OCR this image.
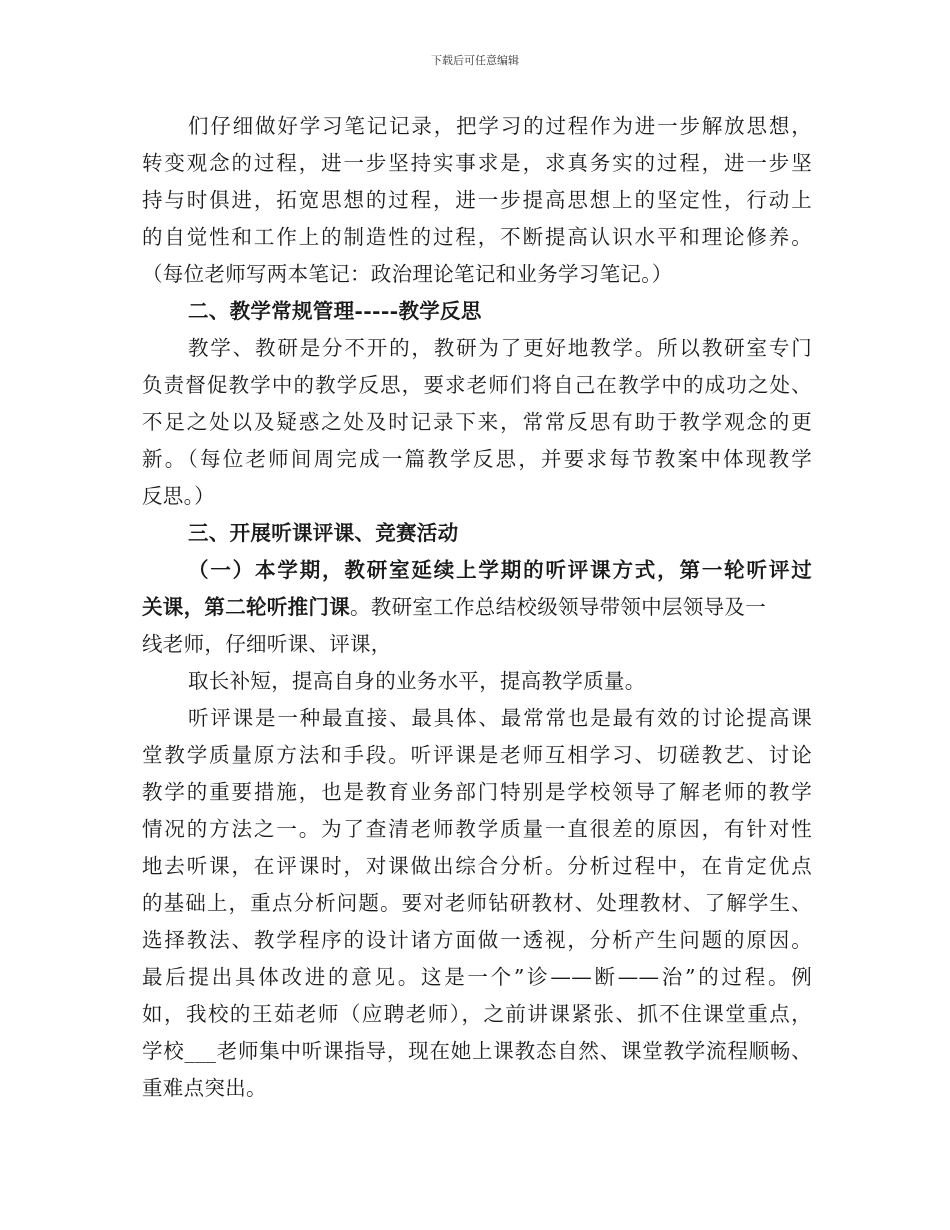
下载后可任意编辑
们仔细做好学习笔记记录，把学习的过程作为进一步解放思想，
转变观念的过程，进一步坚持实事求是，求真务实的过程，进一步坚
持与时俱进，拓宽思想的过程，进一步提高思想上的坚定性，行动上
的自觉性和工作上的制造性的过程，不断提高认识水平和理论修养。
（每位老师写两本笔记：政治理论笔记和业务学习笔记。）
二、教学常规管理-----教学反思
教学、教研是分不开的，教研为了更好地教学。所以教研室专门
负责督促教学中的教学反思，要求老师们将自己在教学中的成功之处、
不足之处以及疑惑之处及时记录下来，常常反思有助于教学观念的更
新。（每位老师间周完成一篇教学反思，并要求每节教案中体现教学
反思。）
三、开展听课评课、竞赛活动
（一）本学期，教研室延续上学期的听评课方式，第一轮听评过
关课，第二轮听推门课。教研室工作总结校级领导带领中层领导及一
线老师，仔细听课、评课，
取长补短，提高自身的业务水平，提高教学质量。
听评课是一种最直接、最具体、最常常也是最有效的讨论提高课
堂教学质量原方法和手段。听评课是老师互相学习、切磋教艺、讨论
教学的重要措施，也是教育业务部门特别是学校领导了解老师的教学
情况的方法之一。为了查清老师教学质量一直很差的原因，有针对性
地去听课，在评课时，对课做出综合分析。分析过程中，在肯定优点
的基础上，重点分析问题。要对老师钻研教材、处理教材、了解学生、
选择教法、教学程序的设计诸方面做一透视，分析产生问题的原因。
最后提出具体改进的意见。这是一个”诊——断——治”的过程。例
如，我校的王茹老师（应聘老师），之前讲课紧张、抓不住课堂重点，
学校___老师集中听课指导，现在她上课教态自然、课堂教学流程顺畅、
重难点突出。
